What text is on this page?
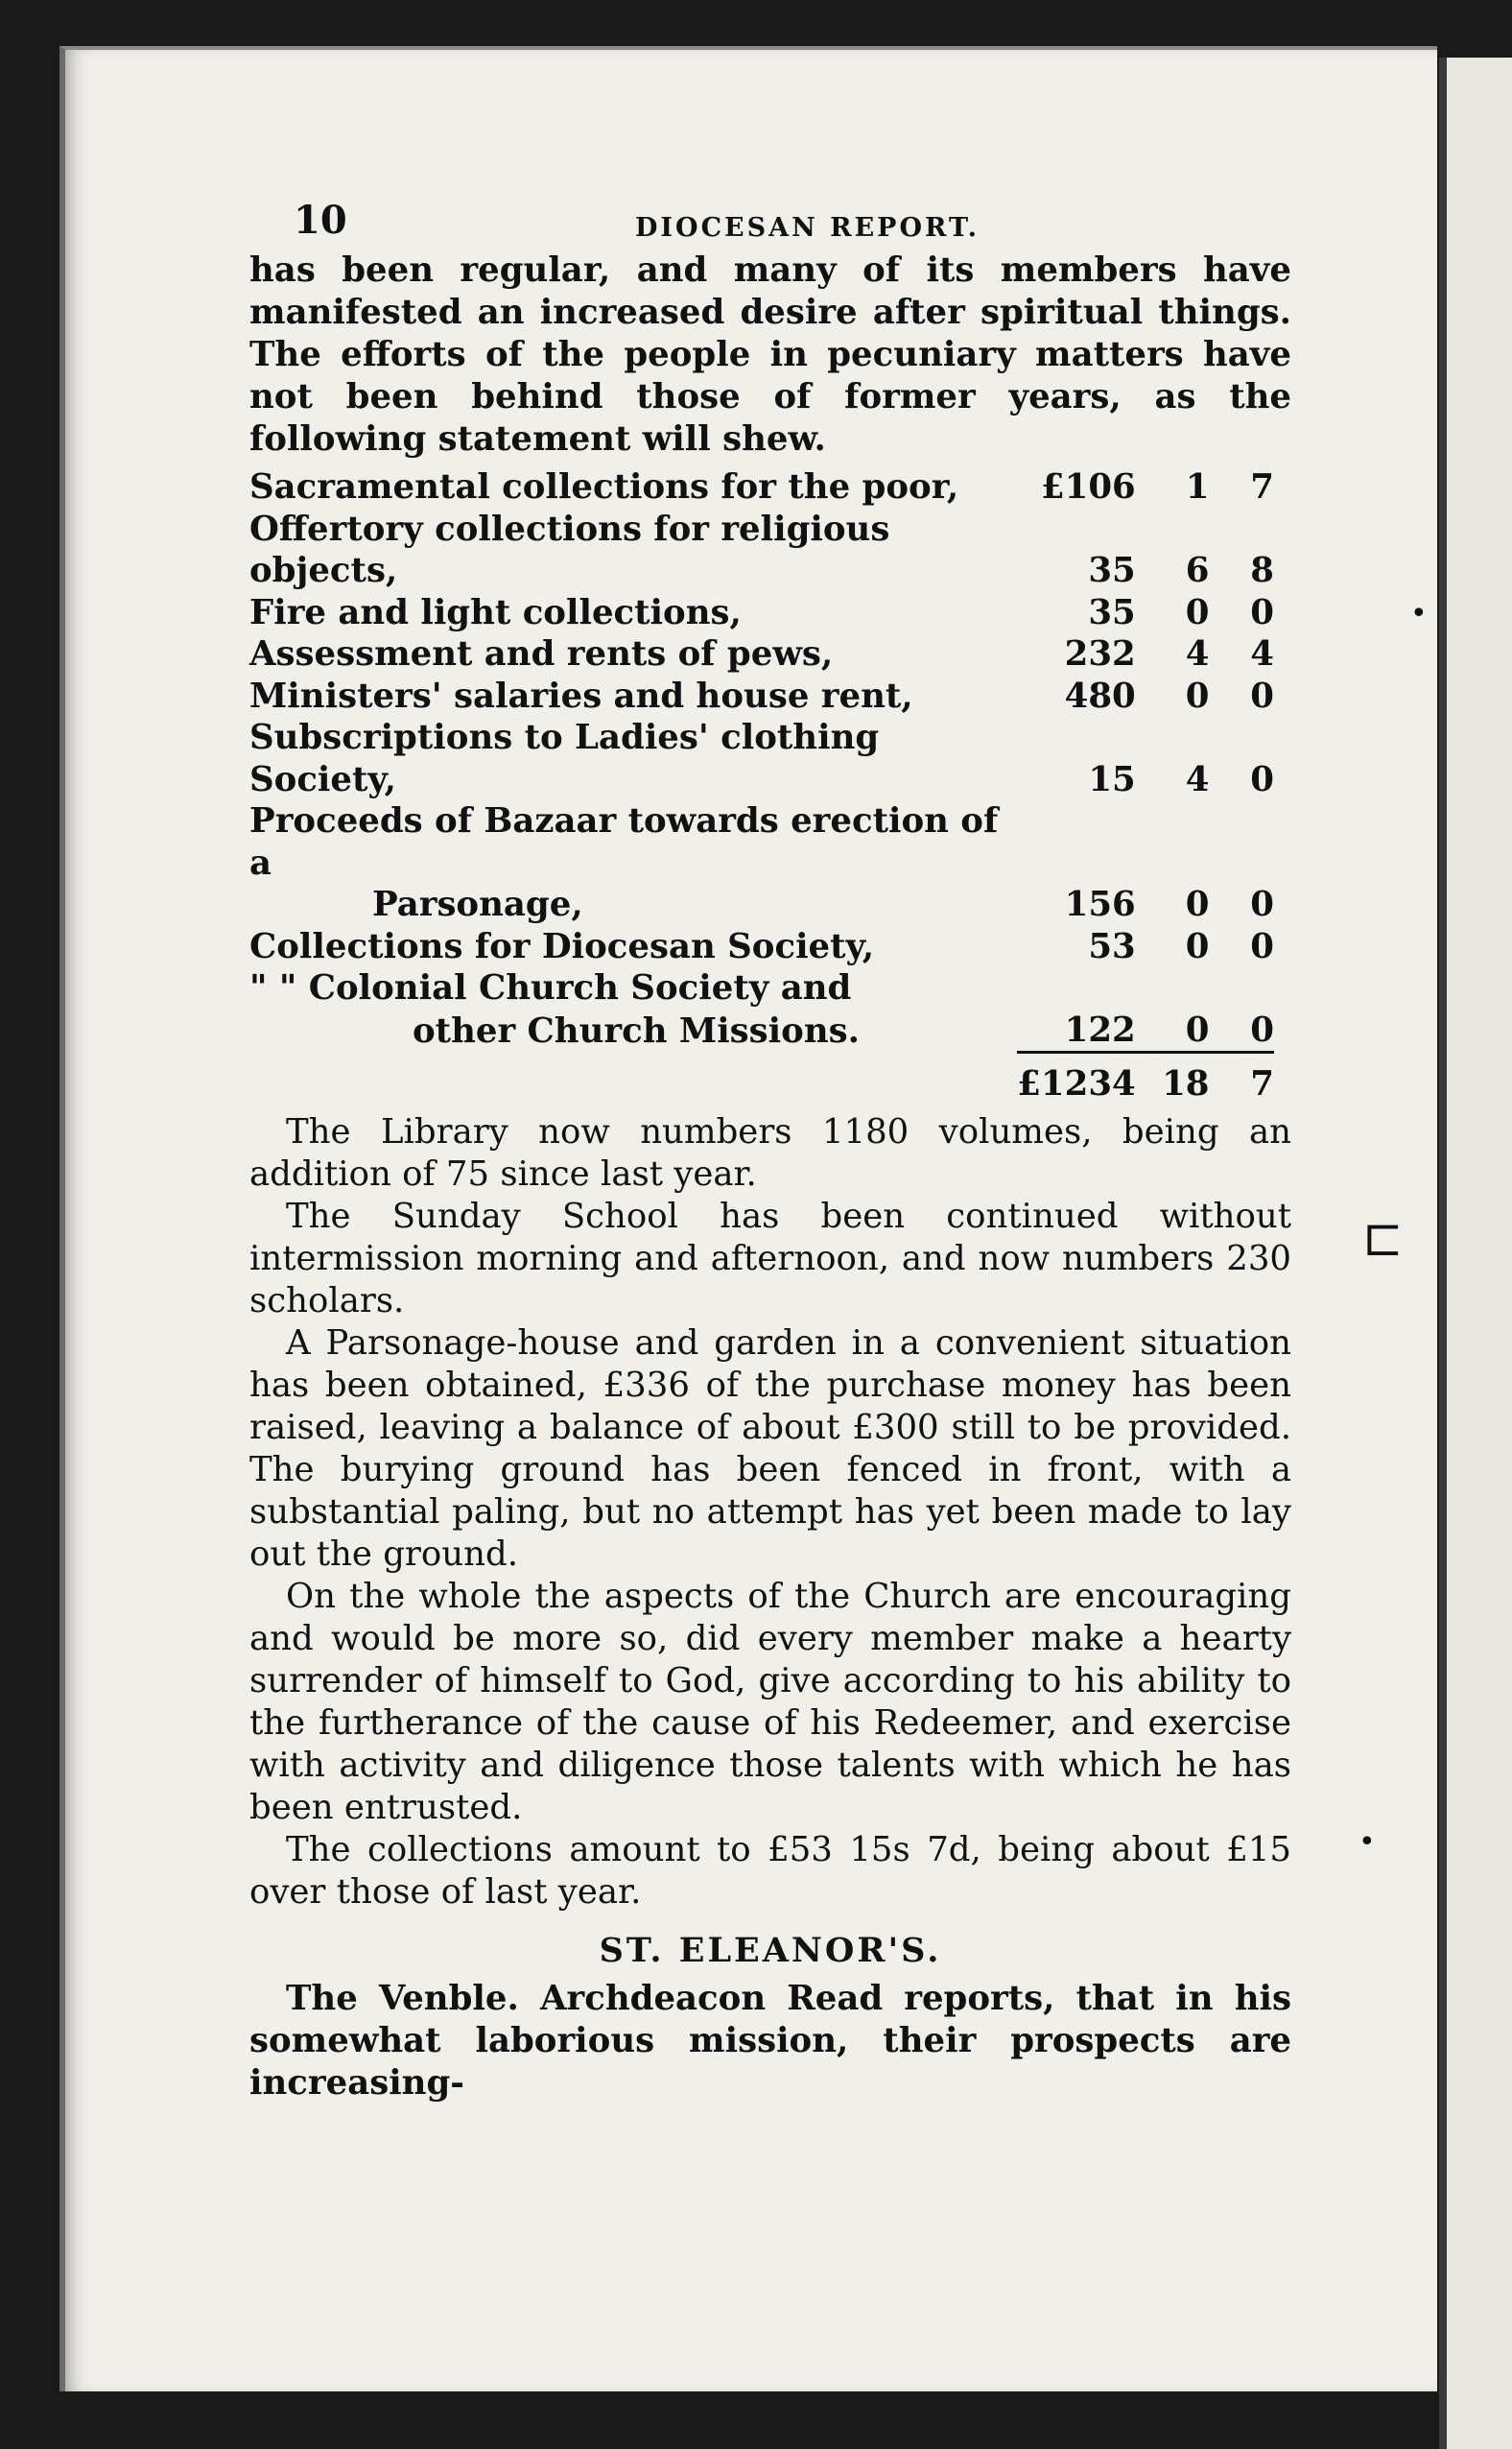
•
⊏
•
10	DIOCESAN REPORT.

has been regular, and many of its members have manifested an increased desire after spiritual things. The efforts of the people in pecuniary matters have not been behind those of former years, as the following statement will shew.

Sacramental collections for the poor,	£106	1	7
Offertory collections for religious objects,	35	6	8
Fire and light collections,	35	0	0
Assessment and rents of pews,	232	4	4
Ministers' salaries and house rent,	480	0	0
Subscriptions to Ladies' clothing Society,	15	4	0
Proceeds of Bazaar towards erection of a			
Parsonage,	156	0	0
Collections for Diocesan Society,	53	0	0
" " Colonial Church Society and			
other Church Missions.	122	0	0
	£1234	18	7

The Library now numbers 1180 volumes, being an addition of 75 since last year.

The Sunday School has been continued without intermission morning and afternoon, and now numbers 230 scholars.

A Parsonage-house and garden in a convenient situation has been obtained, £336 of the purchase money has been raised, leaving a balance of about £300 still to be provided. The burying ground has been fenced in front, with a substantial paling, but no attempt has yet been made to lay out the ground.

On the whole the aspects of the Church are encouraging and would be more so, did every member make a hearty surrender of himself to God, give according to his ability to the furtherance of the cause of his Redeemer, and exercise with activity and diligence those talents with which he has been entrusted.

The collections amount to £53 15s 7d, being about £15 over those of last year.

ST. ELEANOR'S.

The Venble. Archdeacon Read reports, that in his somewhat laborious mission, their prospects are increasing-
